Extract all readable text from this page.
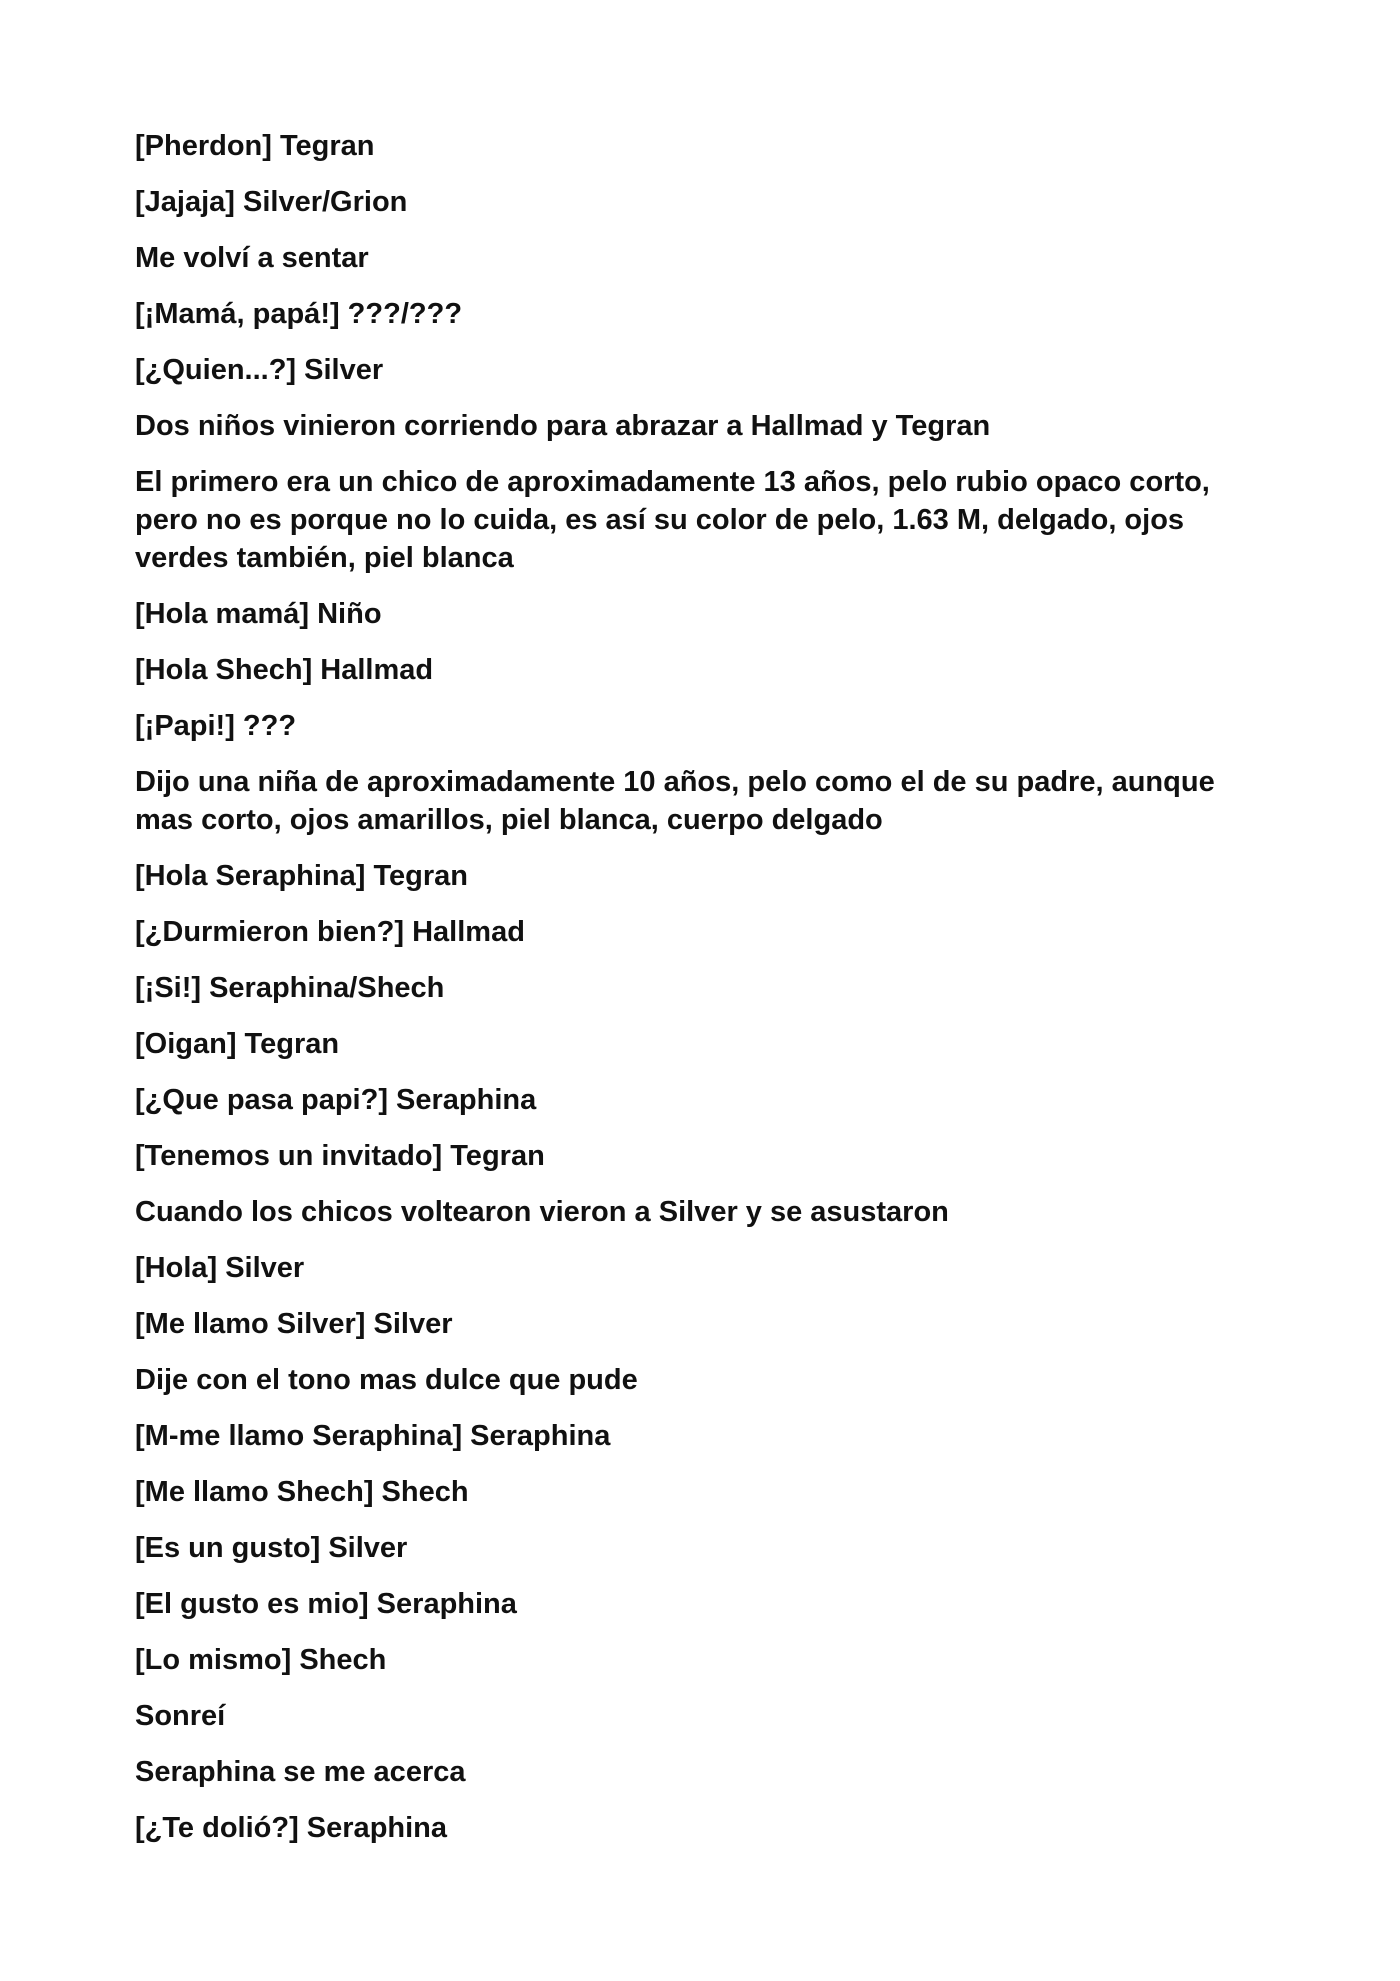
[Pherdon] Tegran

[Jajaja] Silver/Grion

Me volví a sentar

[¡Mamá, papá!] ???/???

[¿Quien...?] Silver

Dos niños vinieron corriendo para abrazar a Hallmad y Tegran

El primero era un chico de aproximadamente 13 años, pelo rubio opaco corto, pero no es porque no lo cuida, es así su color de pelo, 1.63 M, delgado, ojos verdes también, piel blanca

[Hola mamá] Niño

[Hola Shech] Hallmad

[¡Papi!] ???

Dijo una niña de aproximadamente 10 años, pelo como el de su padre, aunque mas corto, ojos amarillos, piel blanca, cuerpo delgado

[Hola Seraphina] Tegran

[¿Durmieron bien?] Hallmad

[¡Si!] Seraphina/Shech

[Oigan] Tegran

[¿Que pasa papi?] Seraphina

[Tenemos un invitado] Tegran

Cuando los chicos voltearon vieron a Silver y se asustaron

[Hola] Silver

[Me llamo Silver] Silver

Dije con el tono mas dulce que pude

[M-me llamo Seraphina] Seraphina

[Me llamo Shech] Shech

[Es un gusto] Silver

[El gusto es mio] Seraphina

[Lo mismo] Shech

Sonreí

Seraphina se me acerca

[¿Te dolió?] Seraphina
